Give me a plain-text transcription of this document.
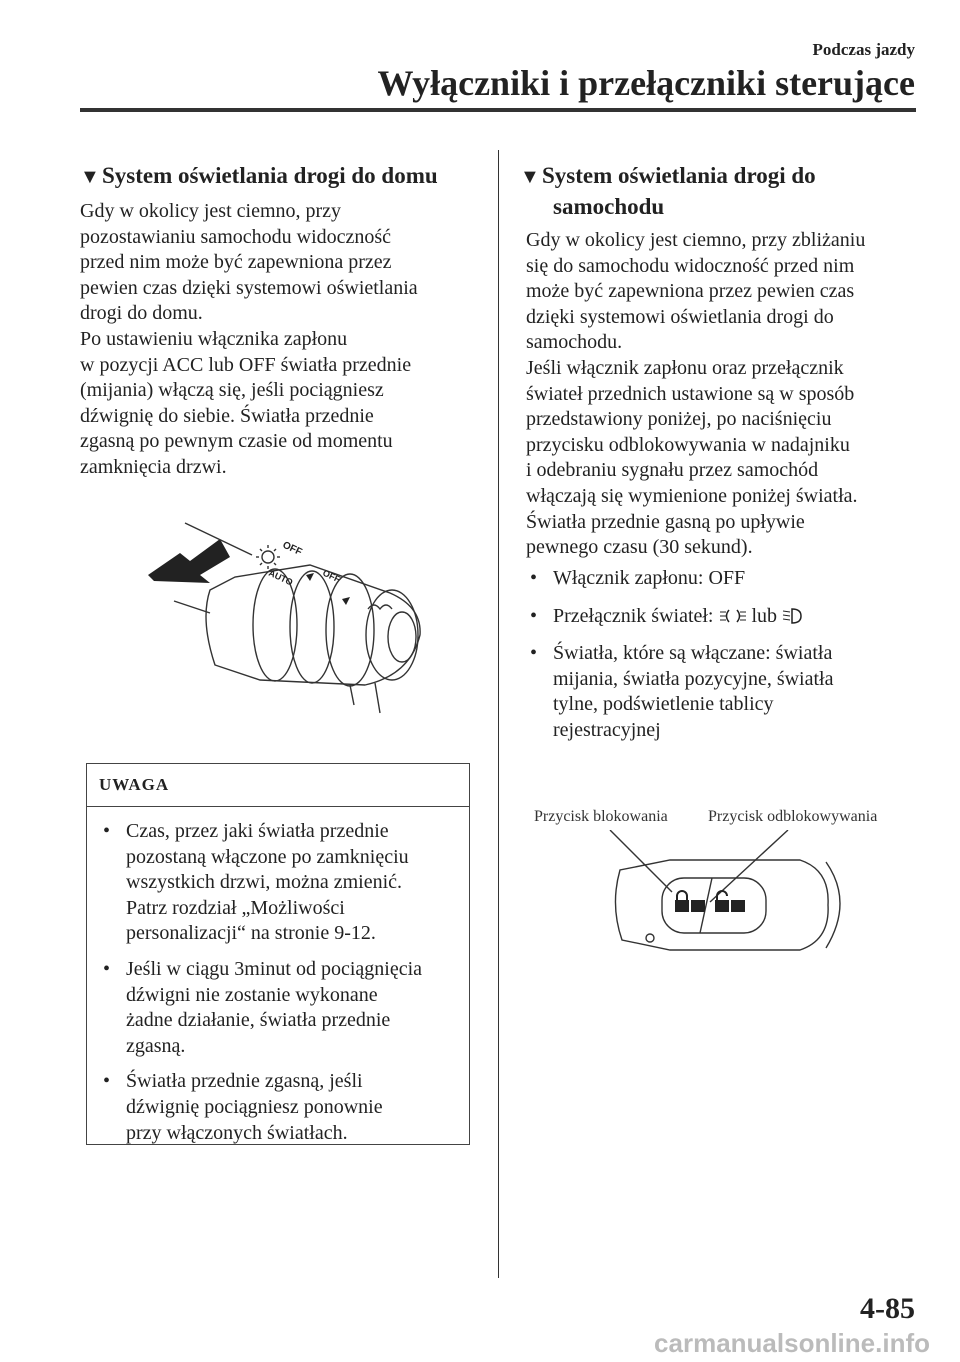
Podczas jazdy
Wyłączniki i przełączniki sterujące
▼System oświetlania drogi do domu
Gdy w okolicy jest ciemno, przy
pozostawianiu samochodu widoczność
przed nim może być zapewniona przez
pewien czas dzięki systemowi oświetlania
drogi do domu.
Po ustawieniu włącznika zapłonu
w pozycji ACC lub OFF światła przednie
(mijania) włączą się, jeśli pociągniesz
dźwignię do siebie. Światła przednie
zgasną po pewnym czasie od momentu
zamknięcia drzwi.
OFF
AUTO	OFF
UWAGA
• Czas, przez jaki światła przednie
pozostaną włączone po zamknięciu
wszystkich drzwi, można zmienić.
Patrz rozdział „Możliwości
personalizacji“ na stronie 9-12.
• Jeśli w ciągu 3minut od pociągnięcia
dźwigni nie zostanie wykonane
żadne działanie, światła przednie
zgasną.
• Światła przednie zgasną, jeśli
dźwignię pociągniesz ponownie
przy włączonych światłach.
▼System oświetlania drogi do
samochodu
Gdy w okolicy jest ciemno, przy zbliżaniu
się do samochodu widoczność przed nim
może być zapewniona przez pewien czas
dzięki systemowi oświetlania drogi do
samochodu.
Jeśli włącznik zapłonu oraz przełącznik
świateł przednich ustawione są w sposób
przedstawiony poniżej, po naciśnięciu
przycisku odblokowywania w nadajniku
i odebraniu sygnału przez samochód
włączają się wymienione poniżej światła.
Światła przednie gasną po upływie
pewnego czasu (30 sekund).
• Włącznik zapłonu: OFF
• Przełącznik świateł: lub
• Światła, które są włączane: światła
mijania, światła pozycyjne, światła
tylne, podświetlenie tablicy
rejestracyjnej
Przycisk blokowania	Przycisk odblokowywania
4-85
carmanualsonline.info
